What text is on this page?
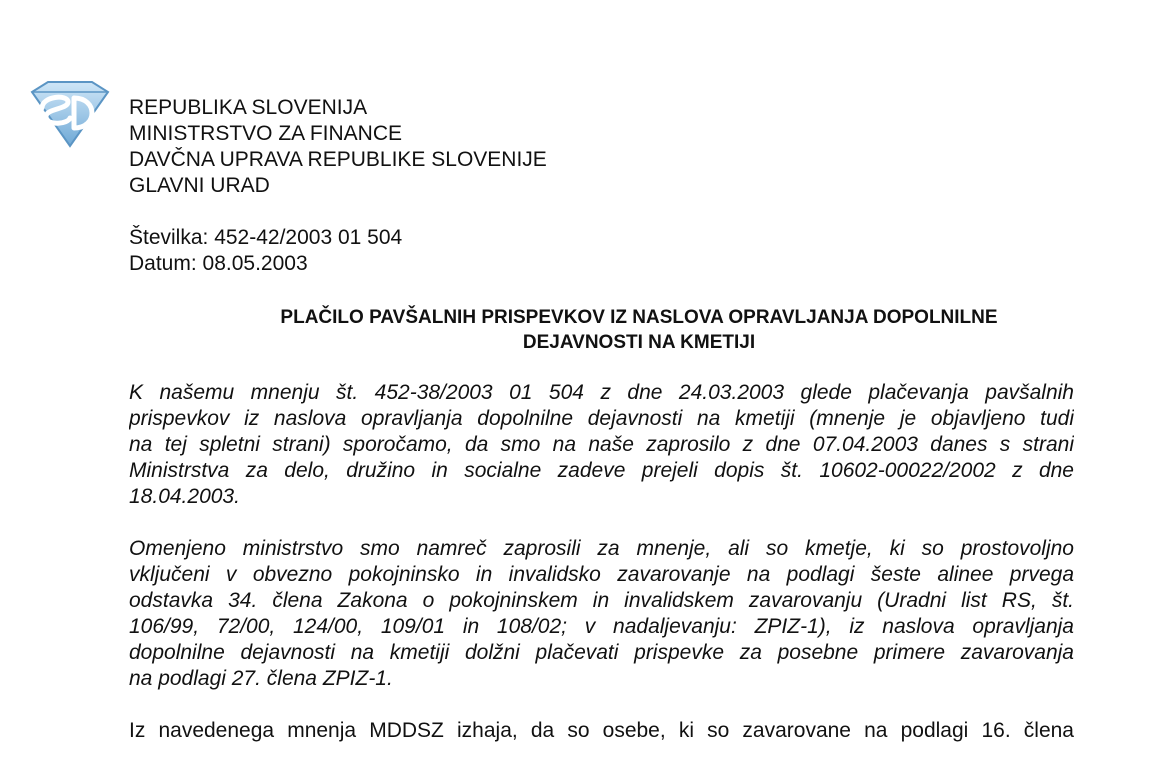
REPUBLIKA SLOVENIJA
MINISTRSTVO ZA FINANCE
DAVČNA UPRAVA REPUBLIKE SLOVENIJE
GLAVNI URAD
Številka: 452-42/2003 01 504
Datum: 08.05.2003
PLAČILO PAVŠALNIH PRISPEVKOV IZ NASLOVA OPRAVLJANJA DOPOLNILNE
DEJAVNOSTI NA KMETIJI
K našemu mnenju št. 452-38/2003 01 504 z dne 24.03.2003 glede plačevanja pavšalnih
prispevkov iz naslova opravljanja dopolnilne dejavnosti na kmetiji (mnenje je objavljeno tudi
na tej spletni strani) sporočamo, da smo na naše zaprosilo z dne 07.04.2003 danes s strani
Ministrstva za delo, družino in socialne zadeve prejeli dopis št. 10602-00022/2002 z dne
18.04.2003.
Omenjeno ministrstvo smo namreč zaprosili za mnenje, ali so kmetje, ki so prostovoljno
vključeni v obvezno pokojninsko in invalidsko zavarovanje na podlagi šeste alinee prvega
odstavka 34. člena Zakona o pokojninskem in invalidskem zavarovanju (Uradni list RS, št.
106/99, 72/00, 124/00, 109/01 in 108/02; v nadaljevanju: ZPIZ-1), iz naslova opravljanja
dopolnilne dejavnosti na kmetiji dolžni plačevati prispevke za posebne primere zavarovanja
na podlagi 27. člena ZPIZ-1.
Iz navedenega mnenja MDDSZ izhaja, da so osebe, ki so zavarovane na podlagi 16. člena
